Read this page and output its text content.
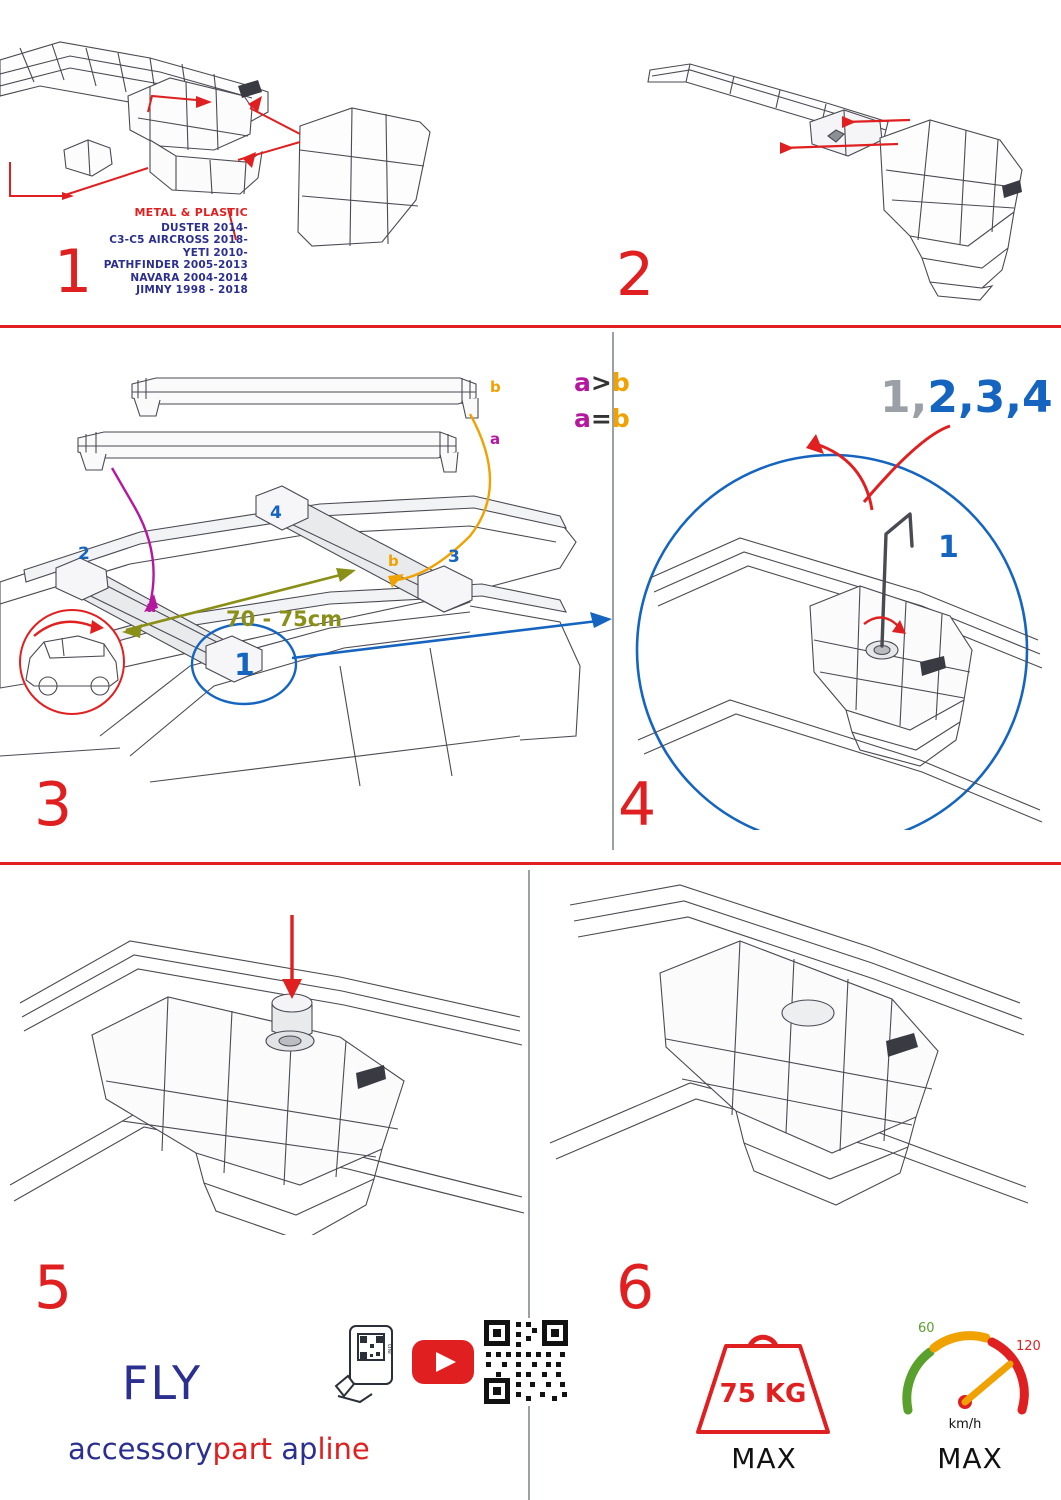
METAL & PLASTIC
DUSTER 2014-
C3-C5 AIRCROSS 2018-
YETI 2010-
PATHFINDER 2005-2013
NAVARA 2004-2014
JIMNY 1998 - 2018
1	2
b
a
a>b
a=b
a
b
2	3
4
1
70 - 75cm
3
1,2,3,4
1
4
5	6
FLY
accessorypart apline
the
75 KG
MAX
60
120
km/h
MAX
